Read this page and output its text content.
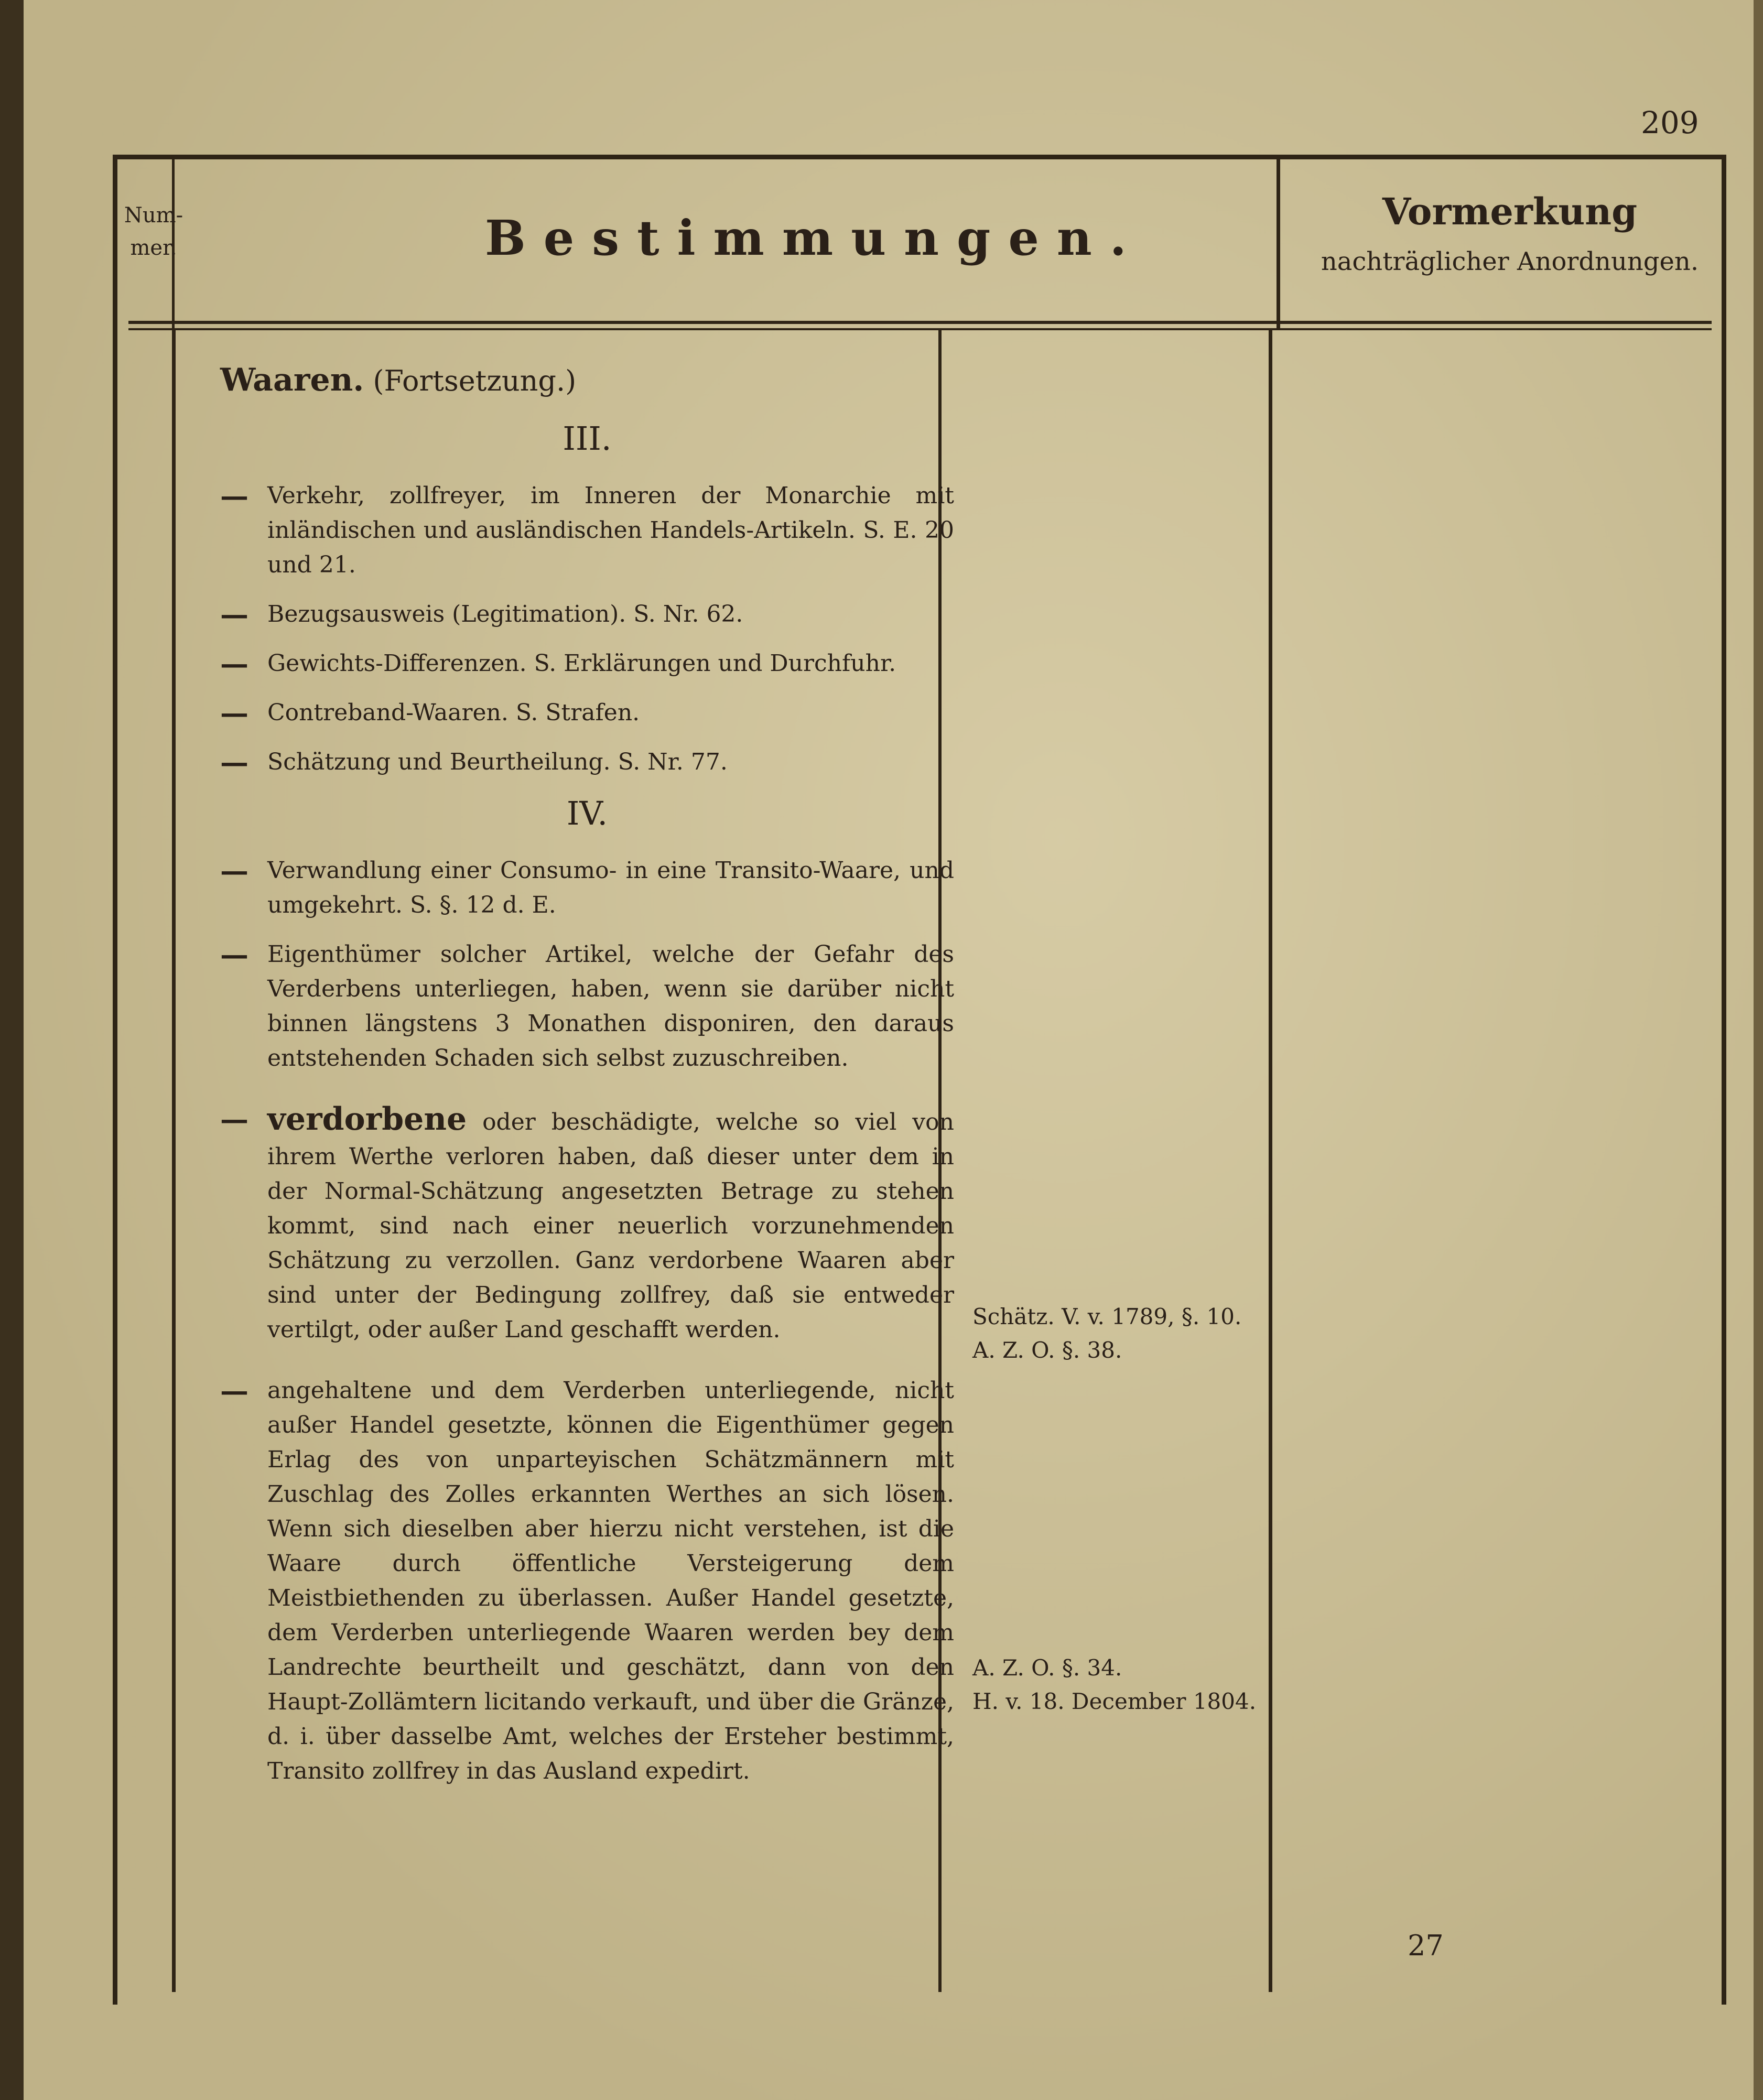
209
Num-
mer.	Bestimmungen.	Vormerkung
nachträglicher Anordnungen.
Waaren. (Fortsetzung.)
III.
— Verkehr, zollfreyer, im Inneren der Monarchie mit inländischen und ausländischen Handels-Artikeln. S. E. 20 und 21.
— Bezugsausweis (Legitimation). S. Nr. 62.
— Gewichts-Differenzen. S. Erklärungen und Durchfuhr.
— Contreband-Waaren. S. Strafen.
— Schätzung und Beurtheilung. S. Nr. 77.
IV.
— Verwandlung einer Consumo- in eine Transito-Waare, und umgekehrt. S. §. 12 d. E.
— Eigenthümer solcher Artikel, welche der Gefahr des Verderbens unterliegen, haben, wenn sie darüber nicht binnen längstens 3 Monathen disponiren, den daraus entstehenden Schaden sich selbst zuzuschreiben.
— verdorbene oder beschädigte, welche so viel von ihrem Werthe verloren haben, daß dieser unter dem in der Normal-Schätzung angesetzten Betrage zu stehen kommt, sind nach einer neuerlich vorzunehmenden Schätzung zu verzollen. Ganz verdorbene Waaren aber sind unter der Bedingung zollfrey, daß sie entweder vertilgt, oder außer Land geschafft werden.
— angehaltene und dem Verderben unterliegende, nicht außer Handel gesetzte, können die Eigenthümer gegen Erlag des von unparteyischen Schätzmännern mit Zuschlag des Zolles erkannten Werthes an sich lösen. Wenn sich dieselben aber hierzu nicht verstehen, ist die Waare durch öffentliche Versteigerung dem Meistbiethenden zu überlassen. Außer Handel gesetzte, dem Verderben unterliegende Waaren werden bey dem Landrechte beurtheilt und geschätzt, dann von den Haupt-Zollämtern licitando verkauft, und über die Gränze, d. i. über dasselbe Amt, welches der Ersteher bestimmt, Transito zollfrey in das Ausland expedirt.
Schätz. V. v. 1789, §. 10.
A. Z. O. §. 38.
A. Z. O. §. 34.
H. v. 18. December 1804.
27
